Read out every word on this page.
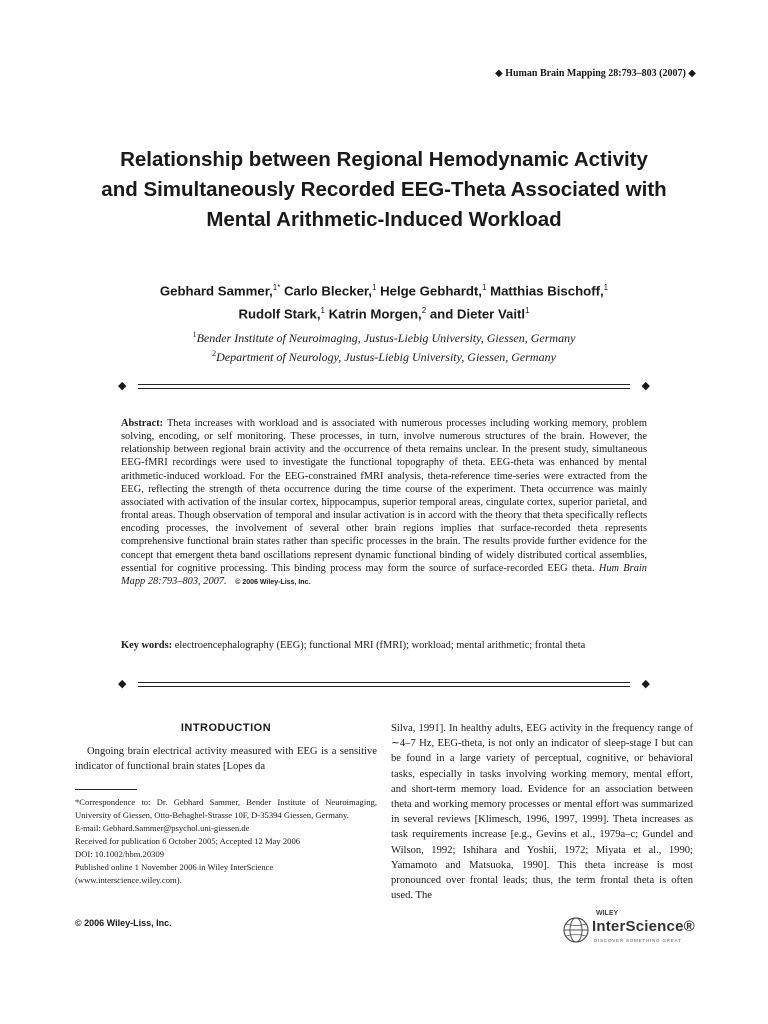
◆ Human Brain Mapping 28:793–803 (2007) ◆
Relationship between Regional Hemodynamic Activity and Simultaneously Recorded EEG-Theta Associated with Mental Arithmetic-Induced Workload
Gebhard Sammer,$^{1*}$ Carlo Blecker,$^1$ Helge Gebhardt,$^1$ Matthias Bischoff,$^1$
Rudolf Stark,$^1$ Katrin Morgen,$^2$ and Dieter Vaitl$^1$
$^1$Bender Institute of Neuroimaging, Justus-Liebig University, Giessen, Germany
$^2$Department of Neurology, Justus-Liebig University, Giessen, Germany
◆	◆
Abstract: Theta increases with workload and is associated with numerous processes including working memory, problem solving, encoding, or self monitoring. These processes, in turn, involve numerous structures of the brain. However, the relationship between regional brain activity and the occurrence of theta remains unclear. In the present study, simultaneous EEG-fMRI recordings were used to investigate the functional topography of theta. EEG-theta was enhanced by mental arithmetic-induced workload. For the EEG-constrained fMRI analysis, theta-reference time-series were extracted from the EEG, reflecting the strength of theta occurrence during the time course of the experiment. Theta occurrence was mainly associated with activation of the insular cortex, hippocampus, superior temporal areas, cingulate cortex, superior parietal, and frontal areas. Though observation of temporal and insular activation is in accord with the theory that theta specifically reflects encoding processes, the involvement of several other brain regions implies that surface-recorded theta represents comprehensive functional brain states rather than specific processes in the brain. The results provide further evidence for the concept that emergent theta band oscillations represent dynamic functional binding of widely distributed cortical assemblies, essential for cognitive processing. This binding process may form the source of surface-recorded EEG theta. Hum Brain Mapp 28:793–803, 2007. © 2006 Wiley-Liss, Inc.
Key words: electroencephalography (EEG); functional MRI (fMRI); workload; mental arithmetic; frontal theta
◆	◆
INTRODUCTION
Ongoing brain electrical activity measured with EEG is a sensitive indicator of functional brain states [Lopes da

*Correspondence to: Dr. Gebhard Sammer, Bender Institute of Neuroimaging, University of Giessen, Otto-Behaghel-Strasse 10F, D-35394 Giessen, Germany.

E-mail: Gebhard.Sammer@psychol.uni-giessen.de

Received for publication 6 October 2005; Accepted 12 May 2006

DOI: 10.1002/hbm.20309

Published online 1 November 2006 in Wiley InterScience (www.interscience.wiley.com).

© 2006 Wiley-Liss, Inc.
Silva, 1991]. In healthy adults, EEG activity in the frequency range of ∼4–7 Hz, EEG-theta, is not only an indicator of sleep-stage I but can be found in a large variety of perceptual, cognitive, or behavioral tasks, especially in tasks involving working memory, mental effort, and short-term memory load. Evidence for an association between theta and working memory processes or mental effort was summarized in several reviews [Klimesch, 1996, 1997, 1999]. Theta increases as task requirements increase [e.g., Gevins et al., 1979a–c; Gundel and Wilson, 1992; Ishihara and Yoshii, 1972; Miyata et al., 1990; Yamamoto and Matsuoka, 1990]. This theta increase is most pronounced over frontal leads; thus, the term frontal theta is often used. The
WILEY
InterScience®
DISCOVER SOMETHING GREAT
